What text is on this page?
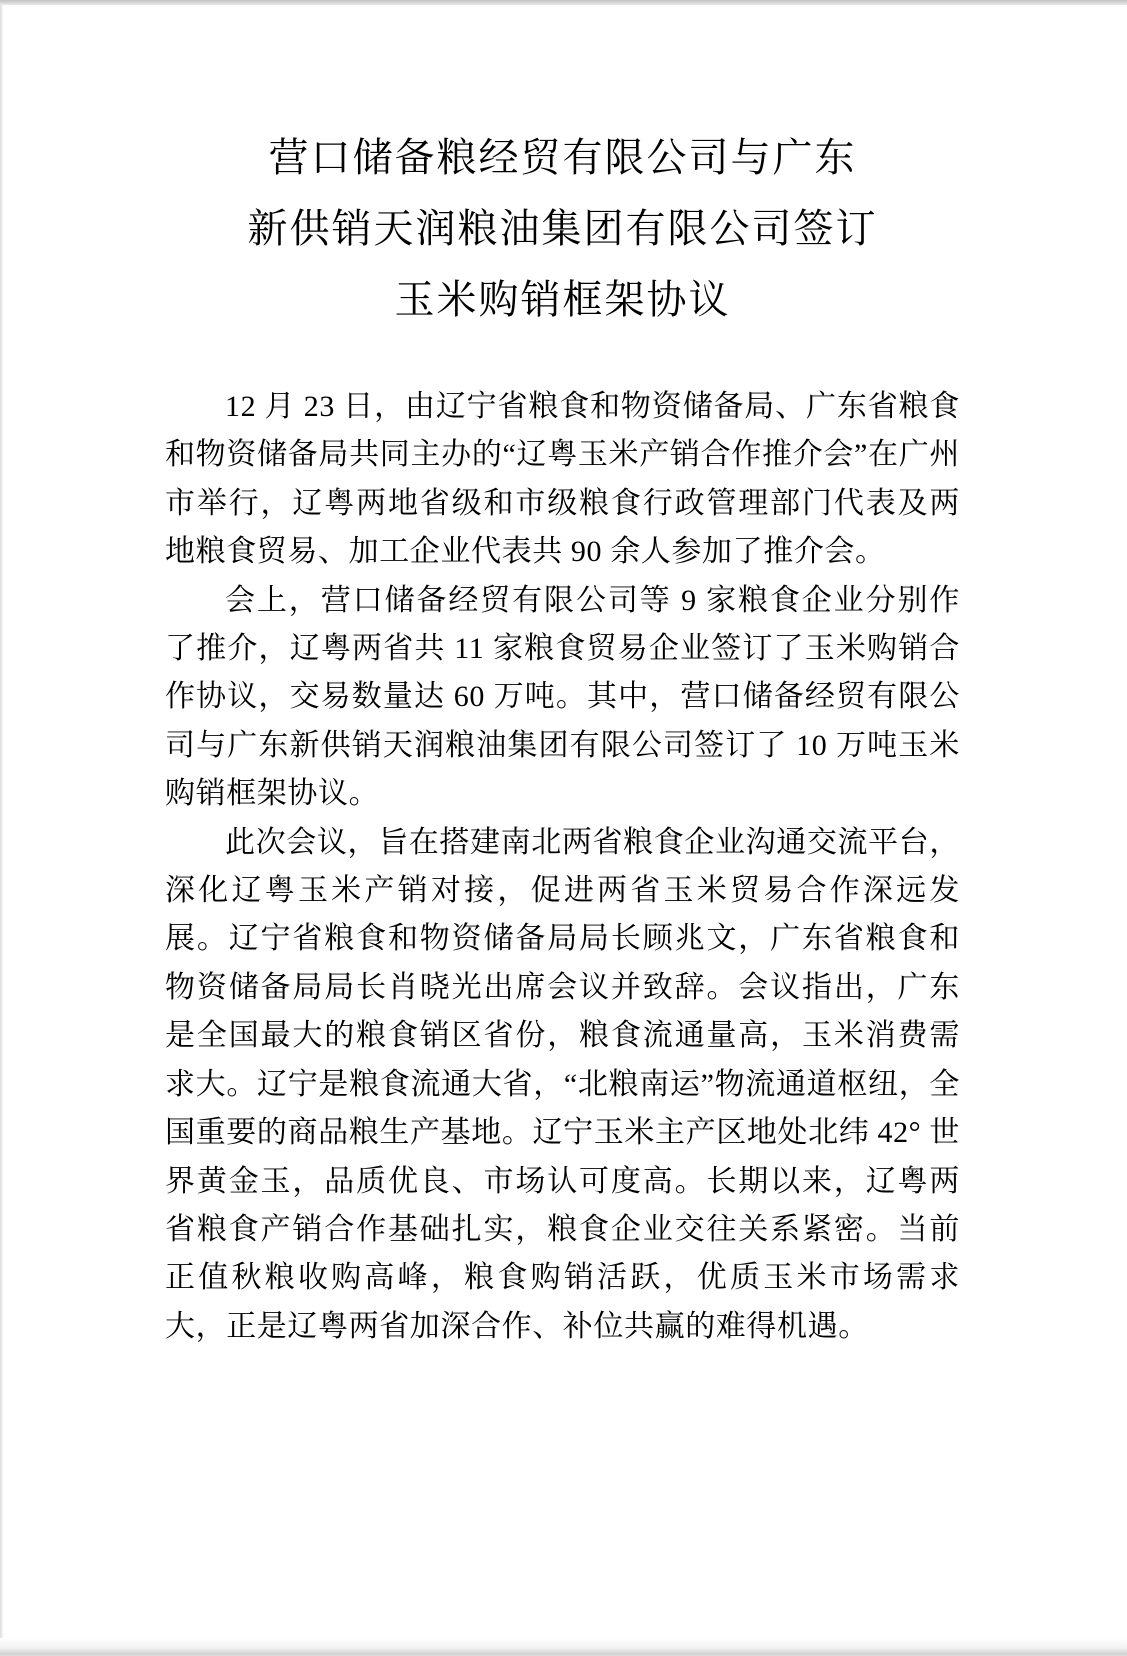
营口储备粮经贸有限公司与广东
新供销天润粮油集团有限公司签订
玉米购销框架协议

12 月 23 日，由辽宁省粮食和物资储备局、广东省粮食和物资储备局共同主办的“辽粤玉米产销合作推介会”在广州市举行，辽粤两地省级和市级粮食行政管理部门代表及两地粮食贸易、加工企业代表共 90 余人参加了推介会。

会上，营口储备经贸有限公司等 9 家粮食企业分别作了推介，辽粤两省共 11 家粮食贸易企业签订了玉米购销合作协议，交易数量达 60 万吨。其中，营口储备经贸有限公司与广东新供销天润粮油集团有限公司签订了 10 万吨玉米购销框架协议。

此次会议，旨在搭建南北两省粮食企业沟通交流平台，深化辽粤玉米产销对接，促进两省玉米贸易合作深远发展。辽宁省粮食和物资储备局局长顾兆文，广东省粮食和物资储备局局长肖晓光出席会议并致辞。会议指出，广东是全国最大的粮食销区省份，粮食流通量高，玉米消费需求大。辽宁是粮食流通大省，“北粮南运”物流通道枢纽，全国重要的商品粮生产基地。辽宁玉米主产区地处北纬 42° 世界黄金玉，品质优良、市场认可度高。长期以来，辽粤两省粮食产销合作基础扎实，粮食企业交往关系紧密。当前正值秋粮收购高峰，粮食购销活跃，优质玉米市场需求大，正是辽粤两省加深合作、补位共赢的难得机遇。
